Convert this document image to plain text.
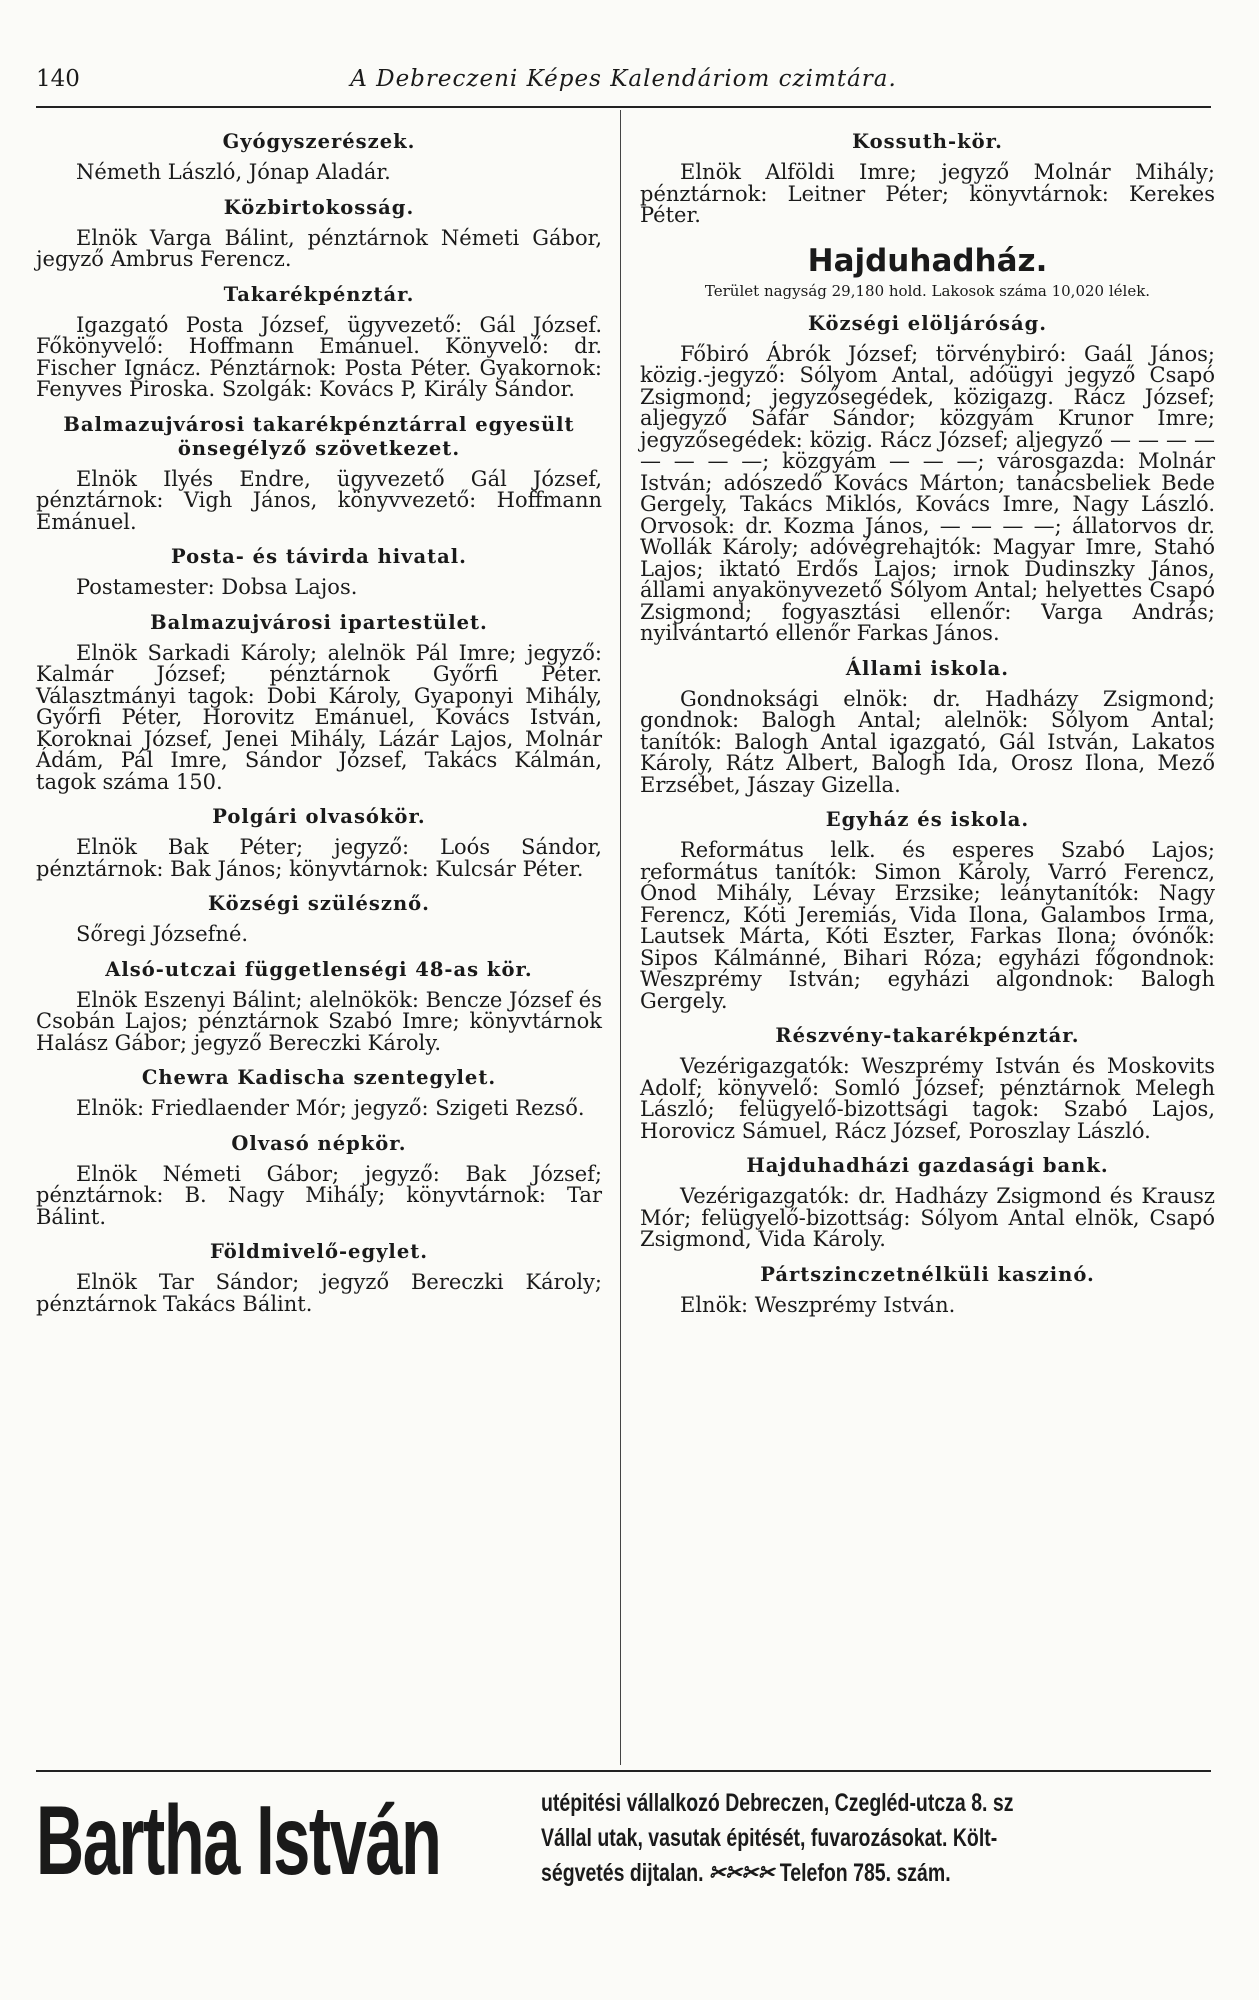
140	A Debreczeni Képes Kalendáriom czimtára.
Gyógyszerészek.

Németh László, Jónap Aladár.

Közbirtokosság.

Elnök Varga Bálint, pénztárnok Németi Gábor, jegyző Ambrus Ferencz.

Takarékpénztár.

Igazgató Posta József, ügyvezető: Gál József. Főkönyvelő: Hoffmann Emánuel. Könyvelő: dr. Fischer Ignácz. Pénztárnok: Posta Péter. Gyakornok: Fenyves Piroska. Szolgák: Kovács P, Király Sándor.

Balmazujvárosi takarékpénztárral egyesült önsegélyző szövetkezet.

Elnök Ilyés Endre, ügyvezető Gál József, pénztárnok: Vigh János, könyvvezető: Hoffmann Emánuel.

Posta- és távirda hivatal.

Postamester: Dobsa Lajos.

Balmazujvárosi ipartestület.

Elnök Sarkadi Károly; alelnök Pál Imre; jegyző: Kalmár József; pénztárnok Győrfi Péter. Választmányi tagok: Dobi Károly, Gyaponyi Mihály, Győrfi Péter, Horovitz Emánuel, Kovács István, Koroknai József, Jenei Mihály, Lázár Lajos, Molnár Ádám, Pál Imre, Sándor József, Takács Kálmán, tagok száma 150.

Polgári olvasókör.

Elnök Bak Péter; jegyző: Loós Sándor, pénztárnok: Bak János; könyvtárnok: Kulcsár Péter.

Községi szülésznő.

Sőregi Józsefné.

Alsó-utczai függetlenségi 48-as kör.

Elnök Eszenyi Bálint; alelnökök: Bencze József és Csobán Lajos; pénztárnok Szabó Imre; könyvtárnok Halász Gábor; jegyző Bereczki Károly.

Chewra Kadischa szentegylet.

Elnök: Friedlaender Mór; jegyző: Szigeti Rezső.

Olvasó népkör.

Elnök Németi Gábor; jegyző: Bak József; pénztárnok: B. Nagy Mihály; könyvtárnok: Tar Bálint.

Földmivelő-egylet.

Elnök Tar Sándor; jegyző Bereczki Károly; pénztárnok Takács Bálint.

Kossuth-kör.

Elnök Alföldi Imre; jegyző Molnár Mihály; pénztárnok: Leitner Péter; könyvtárnok: Kerekes Péter.

Hajduhadház.
Terület nagyság 29,180 hold. Lakosok száma 10,020 lélek.
Községi elöljáróság.

Főbiró Ábrók József; törvénybiró: Gaál János; közig.-jegyző: Sólyom Antal, adóügyi jegyző Csapó Zsigmond; jegyzősegédek, közigazg. Rácz József; aljegyző Sáfár Sándor; közgyám Krunor Imre; jegyzősegédek: közig. Rácz József; aljegyző — — — — — — — —; közgyám — — —; városgazda: Molnár István; adószedő Kovács Márton; tanácsbeliek Bede Gergely, Takács Miklós, Kovács Imre, Nagy László. Orvosok: dr. Kozma János, — — — —; állatorvos dr. Wollák Károly; adóvégrehajtók: Magyar Imre, Stahó Lajos; iktató Erdős Lajos; irnok Dudinszky János, állami anyakönyvezető Sólyom Antal; helyettes Csapó Zsigmond; fogyasztási ellenőr: Varga András; nyilvántartó ellenőr Farkas János.

Állami iskola.

Gondnoksági elnök: dr. Hadházy Zsigmond; gondnok: Balogh Antal; alelnök: Sólyom Antal; tanítók: Balogh Antal igazgató, Gál István, Lakatos Károly, Rátz Albert, Balogh Ida, Orosz Ilona, Mező Erzsébet, Jászay Gizella.

Egyház és iskola.

Református lelk. és esperes Szabó Lajos; református tanítók: Simon Károly, Varró Ferencz, Ónod Mihály, Lévay Erzsike; leánytanítók: Nagy Ferencz, Kóti Jeremiás, Vida Ilona, Galambos Irma, Lautsek Márta, Kóti Eszter, Farkas Ilona; óvónők: Sipos Kálmánné, Bihari Róza; egyházi főgondnok: Weszprémy István; egyházi algondnok: Balogh Gergely.

Részvény-takarékpénztár.

Vezérigazgatók: Weszprémy István és Moskovits Adolf; könyvelő: Somló József; pénztárnok Melegh László; felügyelő-bizottsági tagok: Szabó Lajos, Horovicz Sámuel, Rácz József, Poroszlay László.

Hajduhadházi gazdasági bank.

Vezérigazgatók: dr. Hadházy Zsigmond és Krausz Mór; felügyelő-bizottság: Sólyom Antal elnök, Csapó Zsigmond, Vida Károly.

Pártszinczetnélküli kaszinó.

Elnök: Weszprémy István.

Bartha István	utépitési vállalkozó Debreczen, Czegléd-utcza 8. sz
Vállal utak, vasutak épitését, fuvarozásokat. Költ-
ségvetés dijtalan. ✂✂✂✂ Telefon 785. szám.
